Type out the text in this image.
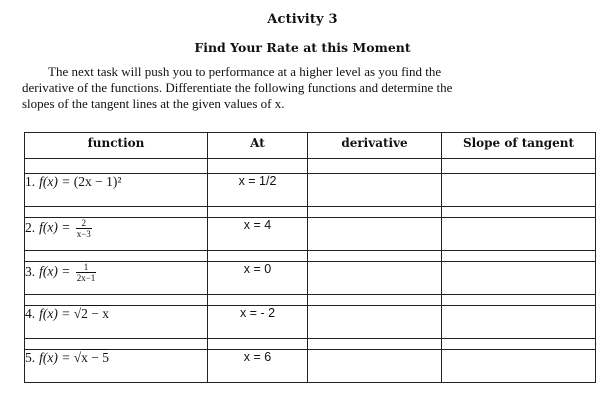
Activity 3
Find Your Rate at this Moment
The next task will push you to performance at a higher level as you find the
derivative of the functions. Differentiate the following functions and determine the
slopes of the tangent lines at the given values of x.
function	At	derivative	Slope of tangent

1. f(x) = (2x − 1)²	x = 1/2		

2. $f(x) = \frac{2}{x-3}$	x = 4		

3. $f(x) = \frac{1}{2x-1}$	x = 0		

4. f(x) = √2 − x	x = - 2		

5. f(x) = √x − 5	x = 6		
